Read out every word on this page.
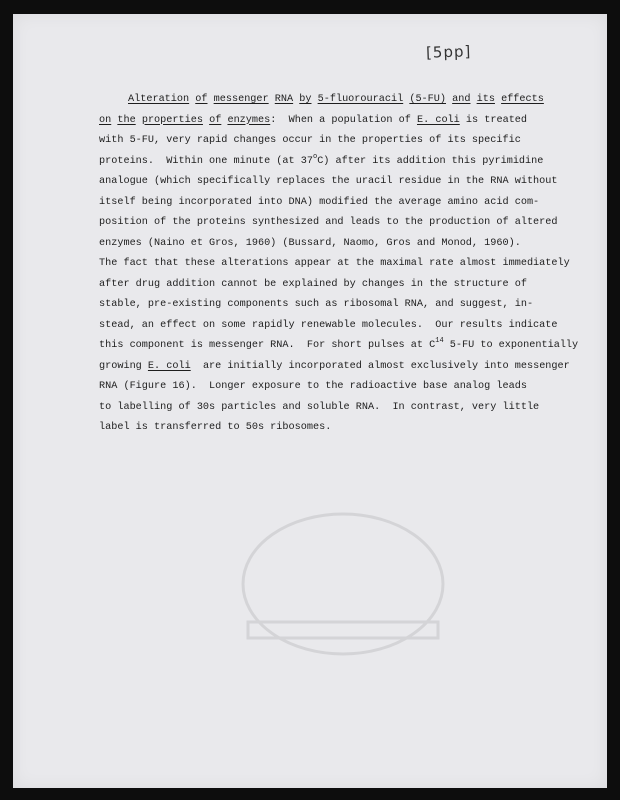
[5pp]
Alteration of messenger RNA by 5-fluorouracil (5-FU) and its effects
on the properties of enzymes:  When a population of E. coli is treated
with 5-FU, very rapid changes occur in the properties of its specific
proteins.  Within one minute (at 37$^o$C) after its addition this pyrimidine
analogue (which specifically replaces the uracil residue in the RNA without
itself being incorporated into DNA) modified the average amino acid com-
position of the proteins synthesized and leads to the production of altered
enzymes (Naino et Gros, 1960) (Bussard, Naomo, Gros and Monod, 1960).
The fact that these alterations appear at the maximal rate almost immediately
after drug addition cannot be explained by changes in the structure of
stable, pre-existing components such as ribosomal RNA, and suggest, in-
stead, an effect on some rapidly renewable molecules.  Our results indicate
this component is messenger RNA.  For short pulses at $C^{14}$ 5-FU to exponentially
growing E. coli  are initially incorporated almost exclusively into messenger
RNA (Figure 16).  Longer exposure to the radioactive base analog leads
to labelling of 30s particles and soluble RNA.  In contrast, very little
label is transferred to 50s ribosomes.
